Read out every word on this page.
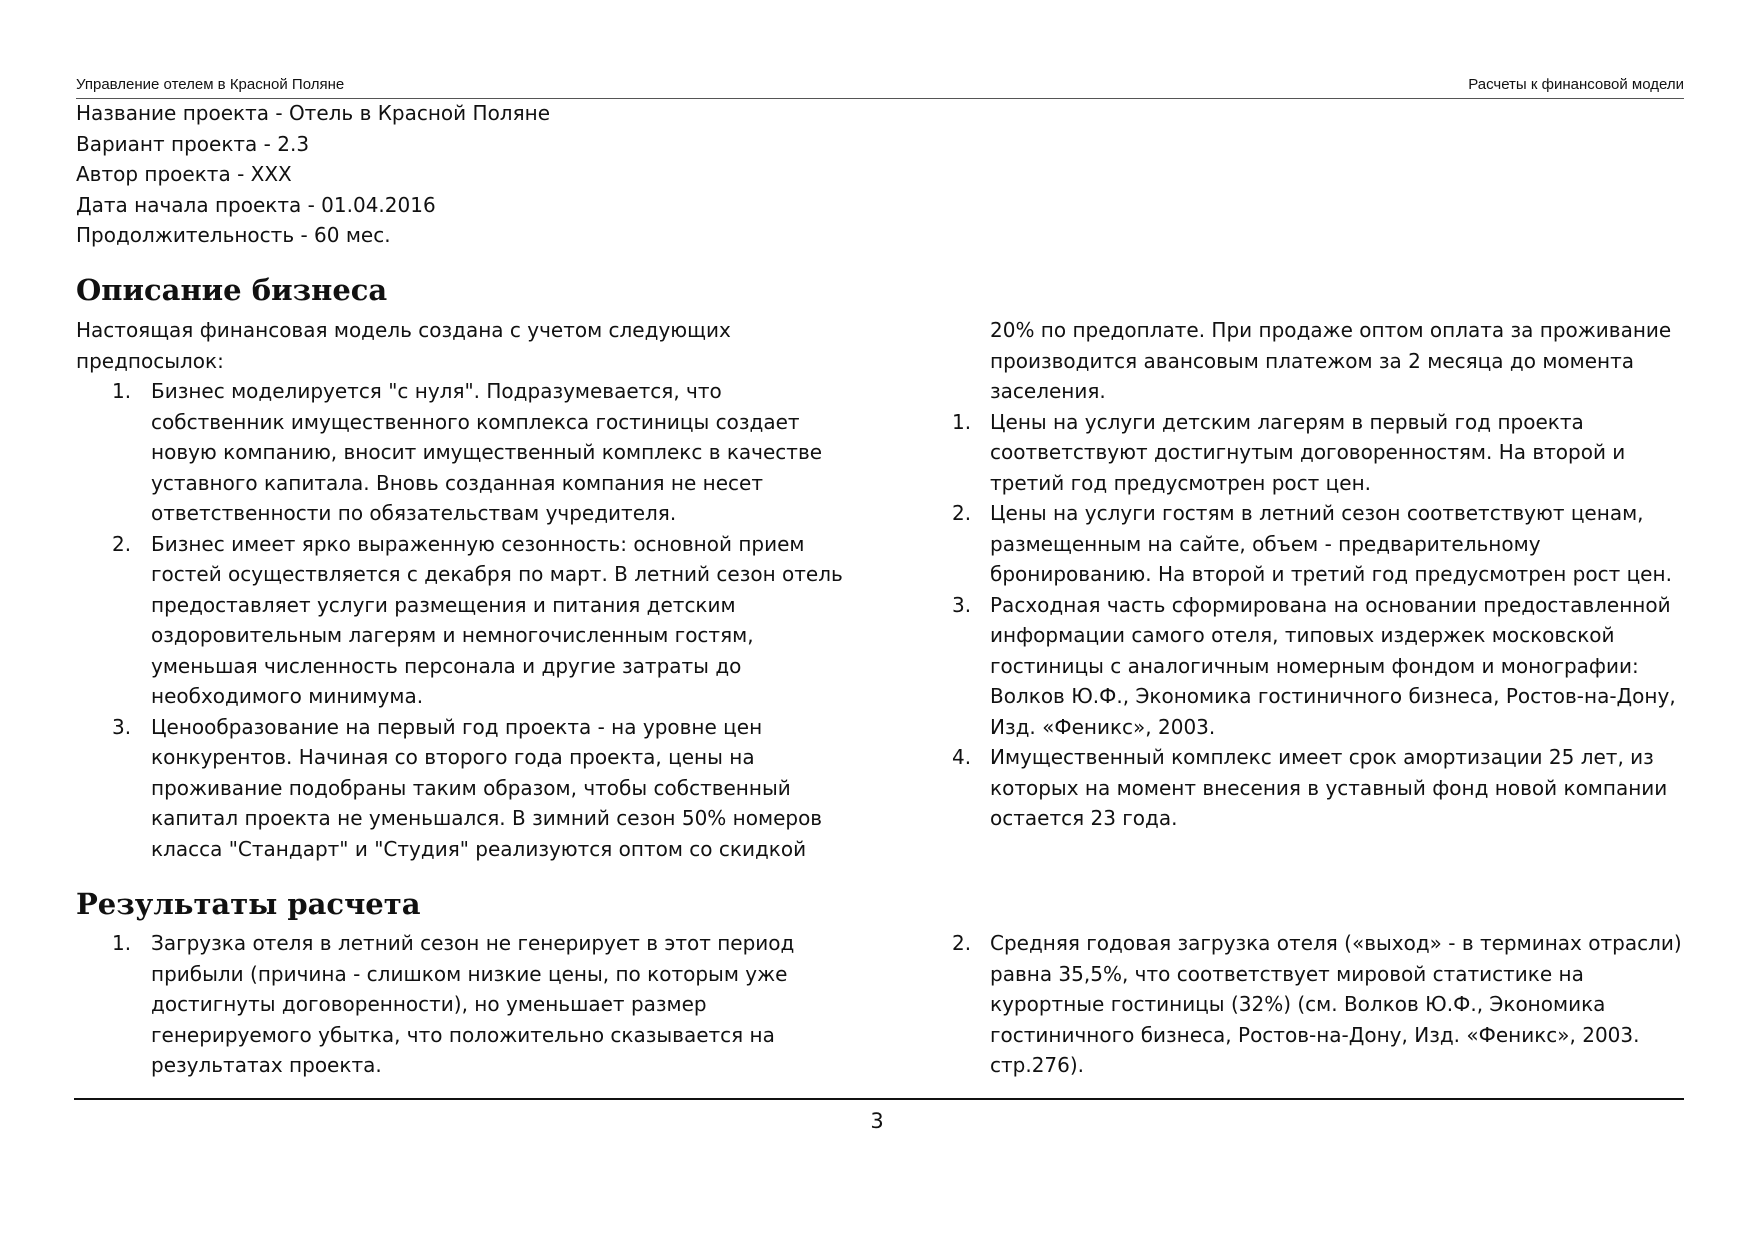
Управление отелем в Красной Поляне	Расчеты к финансовой модели
Название проекта - Отель в Красной Поляне
Вариант проекта - 2.3
Автор проекта - XXX
Дата начала проекта - 01.04.2016
Продолжительность - 60 мес.
Описание бизнеса

Настоящая финансовая модель создана с учетом следующих предпосылок:

1. Бизнес моделируется "с нуля". Подразумевается, что собственник имущественного комплекса гостиницы создает новую компанию, вносит имущественный комплекс в качестве уставного капитала. Вновь созданная компания не несет ответственности по обязательствам учредителя.
2. Бизнес имеет ярко выраженную сезонность: основной прием гостей осуществляется с декабря по март. В летний сезон отель предоставляет услуги размещения и питания детским оздоровительным лагерям и немногочисленным гостям, уменьшая численность персонала и другие затраты до необходимого минимума.
3. Ценообразование на первый год проекта - на уровне цен конкурентов. Начиная со второго года проекта, цены на проживание подобраны таким образом, чтобы собственный капитал проекта не уменьшался. В зимний сезон 50% номеров класса "Стандарт" и "Студия" реализуются оптом со скидкой

20% по предоплате. При продаже оптом оплата за проживание производится авансовым платежом за 2 месяца до момента заселения.

1. Цены на услуги детским лагерям в первый год проекта соответствуют достигнутым договоренностям. На второй и третий год предусмотрен рост цен.
2. Цены на услуги гостям в летний сезон соответствуют ценам, размещенным на сайте, объем - предварительному бронированию. На второй и третий год предусмотрен рост цен.
3. Расходная часть сформирована на основании предоставленной информации самого отеля, типовых издержек московской гостиницы с аналогичным номерным фондом и монографии: Волков Ю.Ф., Экономика гостиничного бизнеса, Ростов-на-Дону, Изд. «Феникс», 2003.
4. Имущественный комплекс имеет срок амортизации 25 лет, из которых на момент внесения в уставный фонд новой компании остается 23 года.
Результаты расчета
1. Загрузка отеля в летний сезон не генерирует в этот период прибыли (причина - слишком низкие цены, по которым уже достигнуты договоренности), но уменьшает размер генерируемого убытка, что положительно сказывается на результатах проекта.
2. Средняя годовая загрузка отеля («выход» - в терминах отрасли) равна 35,5%, что соответствует мировой статистике на курортные гостиницы (32%) (см. Волков Ю.Ф., Экономика гостиничного бизнеса, Ростов-на-Дону, Изд. «Феникс», 2003. стр.276).
3
